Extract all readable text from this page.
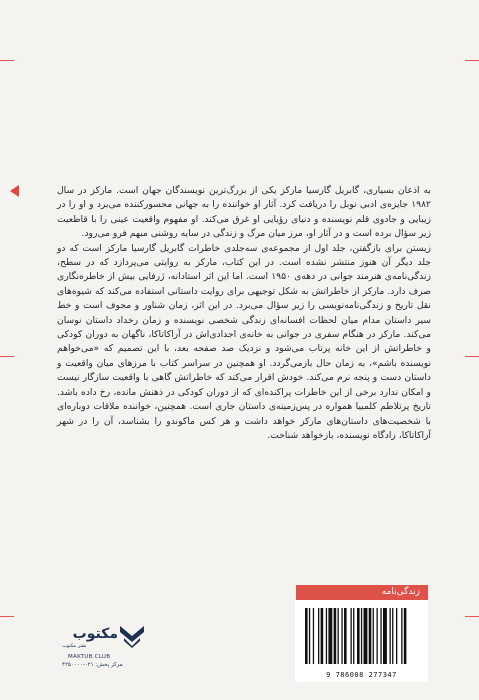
به اذعان بسیاری، گابریل گارسیا مارکز یکی از بزرگ‌ترین نویسندگان جهان است. مارکز در سال ۱۹۸۲ جایزه‌ی ادبی نوبل را دریافت کرد. آثار او خواننده را به جهانی محسورکننده می‌برد و او را در زیبایی و جادوی قلم نویسنده و دنیای رؤیایی او غرق می‌کند. او مفهوم واقعیت عینی را با قاطعیت زیر سؤال برده است و در آثار او، مرز میان مرگ و زندگی در سایه روشنی مبهم فرو می‌رود.

زیستن برای بازگفتن، جلد اول از مجموعه‌ی سه‌جلدی خاطرات گابریل گارسیا مارکز است که دو جلد دیگر آن هنوز منتشر نشده است. در این کتاب، مارکز به روایتی می‌پردازد که در سطح، زندگی‌نامه‌ی هنرمند جوانی در دهه‌ی ۱۹۵۰ است. اما این اثر استادانه، ژرفایی بیش از خاطره‌نگاری صرف دارد. مارکز از خاطراتش به شکل توجیهی برای روایت داستانی استفاده می‌کند که شیوه‌های نقل تاریخ و زندگی‌نامه‌نویسی را زیر سؤال می‌برد. در این اثر، زمان شناور و مجوف است و خط سیر داستان مدام میان لحظات افسانه‌ای زندگی شخصی نویسنده و زمان رخداد داستان نوسان می‌کند. مارکز در هنگام سفری در جوانی به خانه‌ی اجدادی‌اش در آراکاتاکا، ناگهان به دوران کودکی و خاطراتش از این خانه پرتاب می‌شود و نزدیک صد صفحه بعد، با این تصمیم که «می‌خواهم نویسنده باشم»، به زمان حال بازمی‌گردد. او همچنین در سراسر کتاب با مرزهای میان واقعیت و داستان دست و پنجه نرم می‌کند. خودش اقرار می‌کند که خاطراتش گاهی با واقعیت سازگار نیست و امکان ندارد برخی از این خاطرات پراکنده‌ای که از دوران کودکی در ذهنش مانده، رخ داده باشد. تاریخ پرتلاطم کلمبیا همواره در پس‌زمینه‌ی داستان جاری است. همچنین، خواننده ملاقات دوباره‌ای با شخصیت‌های داستان‌های مارکز خواهد داشت و هر کس ماکوندو را بشناسد، آن را در شهر آراکاتاکا، زادگاه نویسنده، بازخواهد شناخت.

مکتوب
نشر مکتوب
MAKTUB.CLUB
مرکز پخش: ۰۲۱-۴۲۵۰۰۰۰
زندگی‌نامه
9 786008 277347
